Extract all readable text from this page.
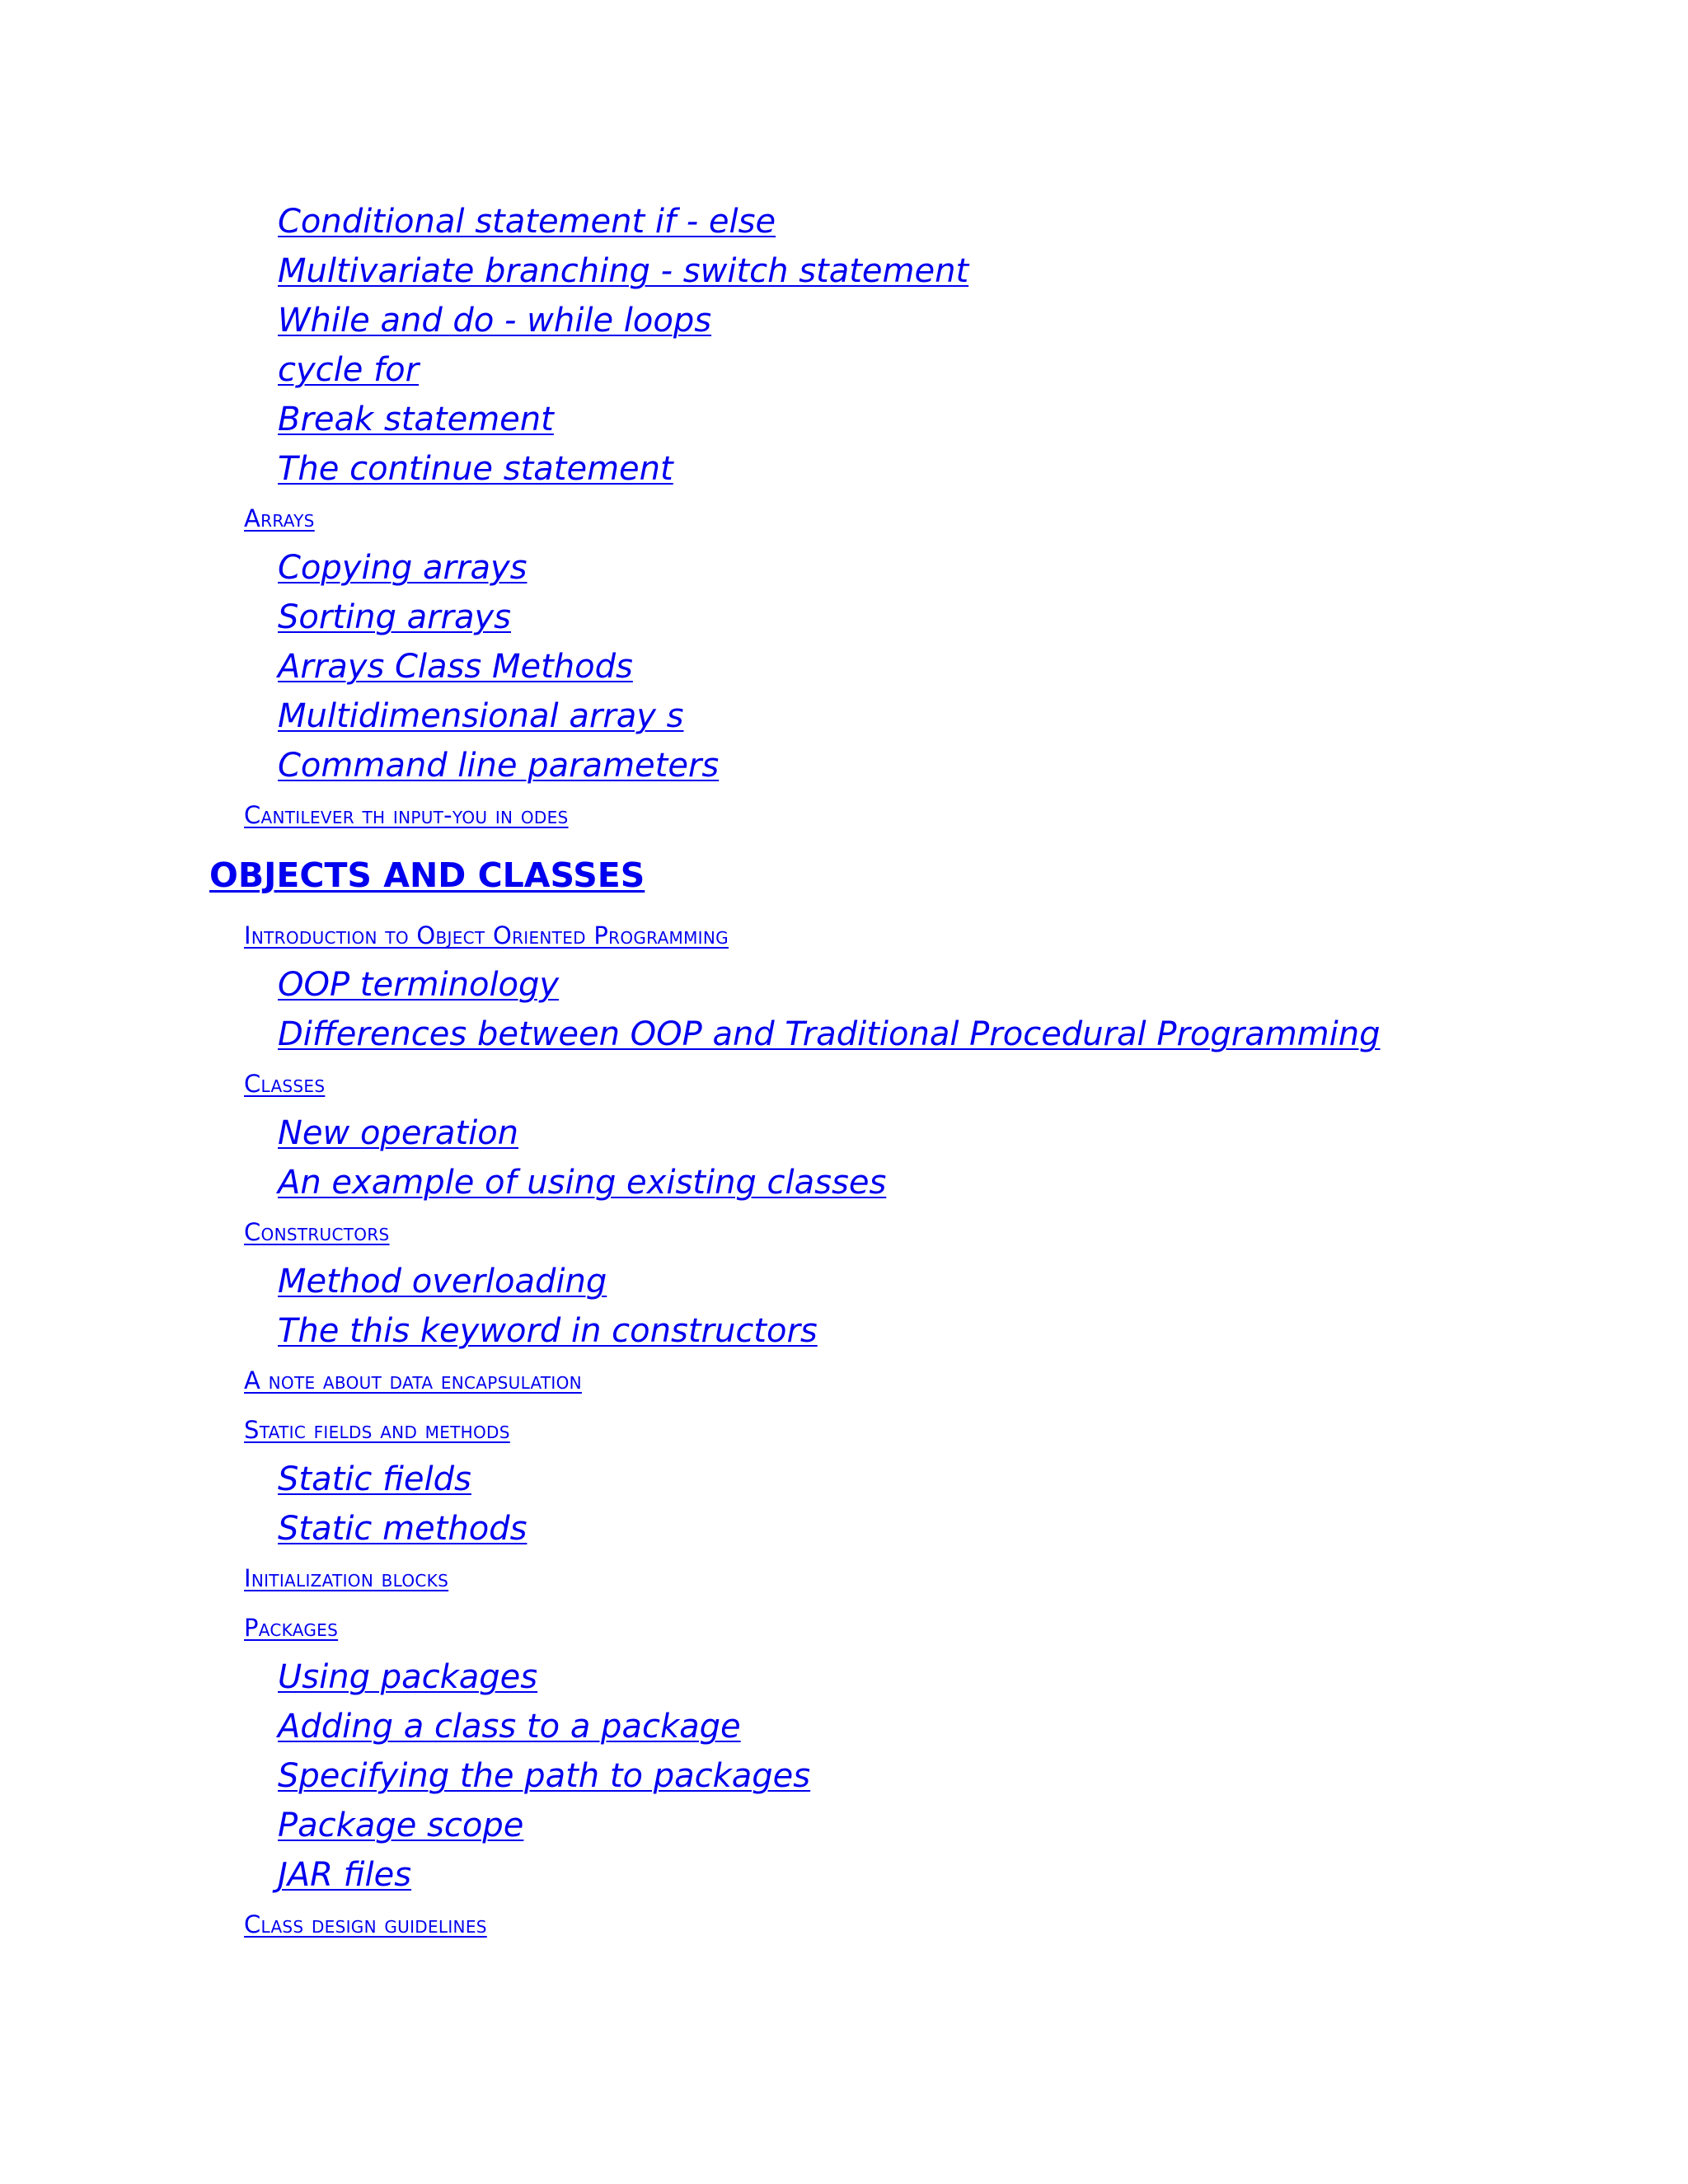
Conditional statement if - else
Multivariate branching - switch statement
While and do - while loops
cycle for
Break statement
The continue statement
Arrays
Copying arrays
Sorting arrays
Arrays Class Methods
Multidimensional array s
Command line parameters
Cantilever th input-you in odes
OBJECTS AND CLASSES
Introduction to Object Oriented Programming
OOP terminology
Differences between OOP and Traditional Procedural Programming
Classes
New operation
An example of using existing classes
Constructors
Method overloading
The this keyword in constructors
A note about data encapsulation
Static fields and methods
Static fields
Static methods
Initialization blocks
Packages
Using packages
Adding a class to a package
Specifying the path to packages
Package scope
JAR files
Class design guidelines
